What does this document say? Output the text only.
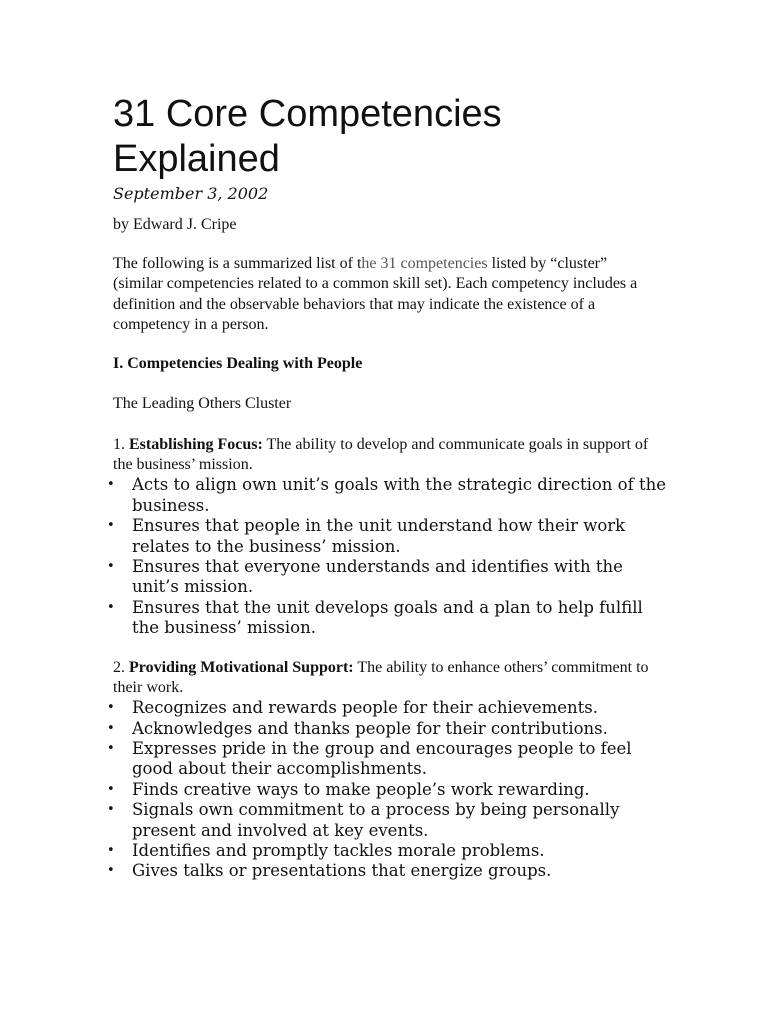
31 Core Competencies Explained

September 3, 2002

by Edward J. Cripe

The following is a summarized list of the 31 competencies listed by “cluster” (similar competencies related to a common skill set). Each competency includes a definition and the observable behaviors that may indicate the existence of a competency in a person.

I. Competencies Dealing with People

The Leading Others Cluster

1. Establishing Focus: The ability to develop and communicate goals in support of the business’ mission.

• Acts to align own unit’s goals with the strategic direction of the business.
• Ensures that people in the unit understand how their work relates to the business’ mission.
• Ensures that everyone understands and identifies with the unit’s mission.
• Ensures that the unit develops goals and a plan to help fulfill the business’ mission.

2. Providing Motivational Support: The ability to enhance others’ commitment to their work.

• Recognizes and rewards people for their achievements.
• Acknowledges and thanks people for their contributions.
• Expresses pride in the group and encourages people to feel good about their accomplishments.
• Finds creative ways to make people’s work rewarding.
• Signals own commitment to a process by being personally present and involved at key events.
• Identifies and promptly tackles morale problems.
• Gives talks or presentations that energize groups.
